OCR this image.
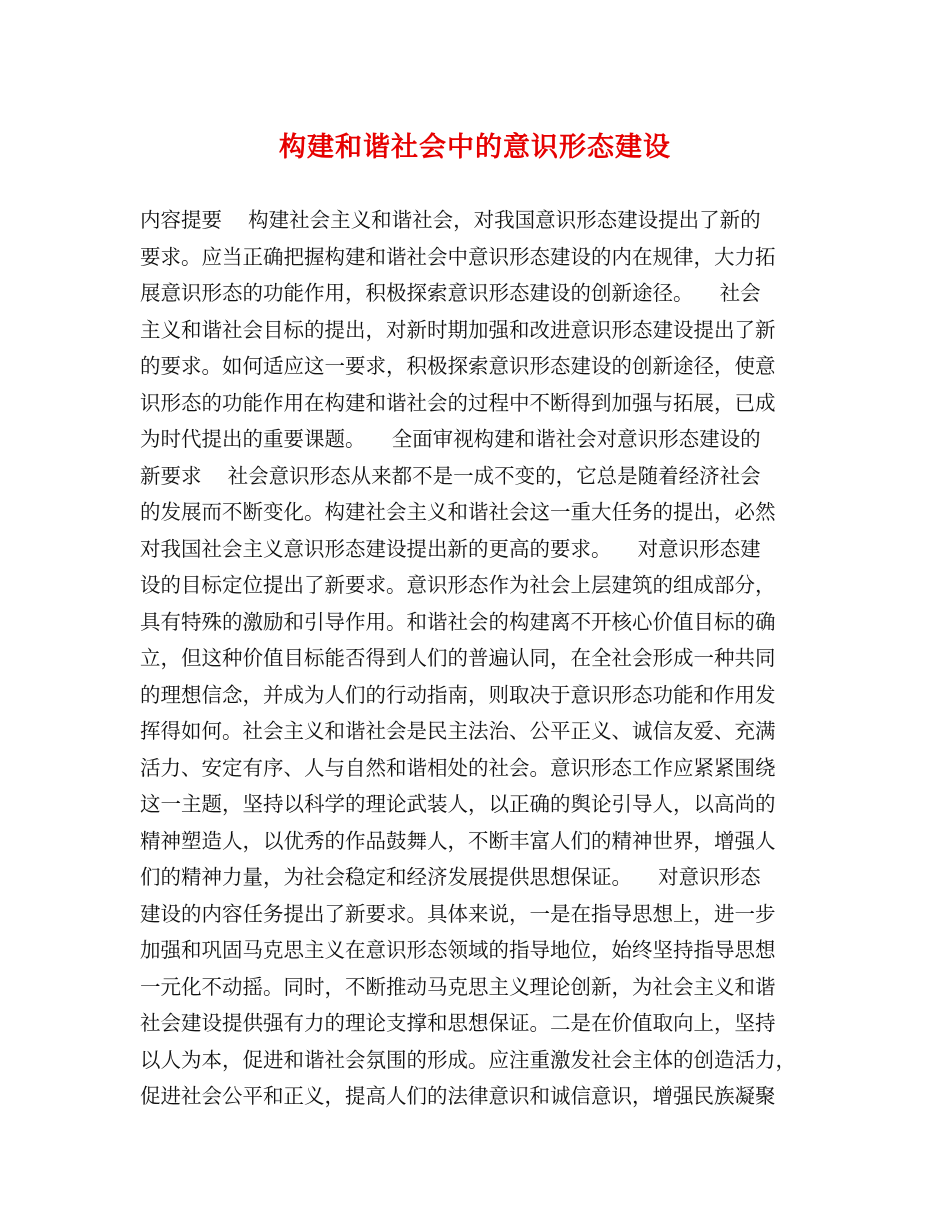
构建和谐社会中的意识形态建设
内容提要    构建社会主义和谐社会，对我国意识形态建设提出了新的
要求。应当正确把握构建和谐社会中意识形态建设的内在规律，大力拓
展意识形态的功能作用，积极探索意识形态建设的创新途径。    社会
主义和谐社会目标的提出，对新时期加强和改进意识形态建设提出了新
的要求。如何适应这一要求，积极探索意识形态建设的创新途径，使意
识形态的功能作用在构建和谐社会的过程中不断得到加强与拓展，已成
为时代提出的重要课题。    全面审视构建和谐社会对意识形态建设的
新要求    社会意识形态从来都不是一成不变的，它总是随着经济社会
的发展而不断变化。构建社会主义和谐社会这一重大任务的提出，必然
对我国社会主义意识形态建设提出新的更高的要求。    对意识形态建
设的目标定位提出了新要求。意识形态作为社会上层建筑的组成部分，
具有特殊的激励和引导作用。和谐社会的构建离不开核心价值目标的确
立，但这种价值目标能否得到人们的普遍认同，在全社会形成一种共同
的理想信念，并成为人们的行动指南，则取决于意识形态功能和作用发
挥得如何。社会主义和谐社会是民主法治、公平正义、诚信友爱、充满
活力、安定有序、人与自然和谐相处的社会。意识形态工作应紧紧围绕
这一主题，坚持以科学的理论武装人，以正确的舆论引导人，以高尚的
精神塑造人，以优秀的作品鼓舞人，不断丰富人们的精神世界，增强人
们的精神力量，为社会稳定和经济发展提供思想保证。    对意识形态
建设的内容任务提出了新要求。具体来说，一是在指导思想上，进一步
加强和巩固马克思主义在意识形态领域的指导地位，始终坚持指导思想
一元化不动摇。同时，不断推动马克思主义理论创新，为社会主义和谐
社会建设提供强有力的理论支撑和思想保证。二是在价值取向上，坚持
以人为本，促进和谐社会氛围的形成。应注重激发社会主体的创造活力，
促进社会公平和正义，提高人们的法律意识和诚信意识，增强民族凝聚
